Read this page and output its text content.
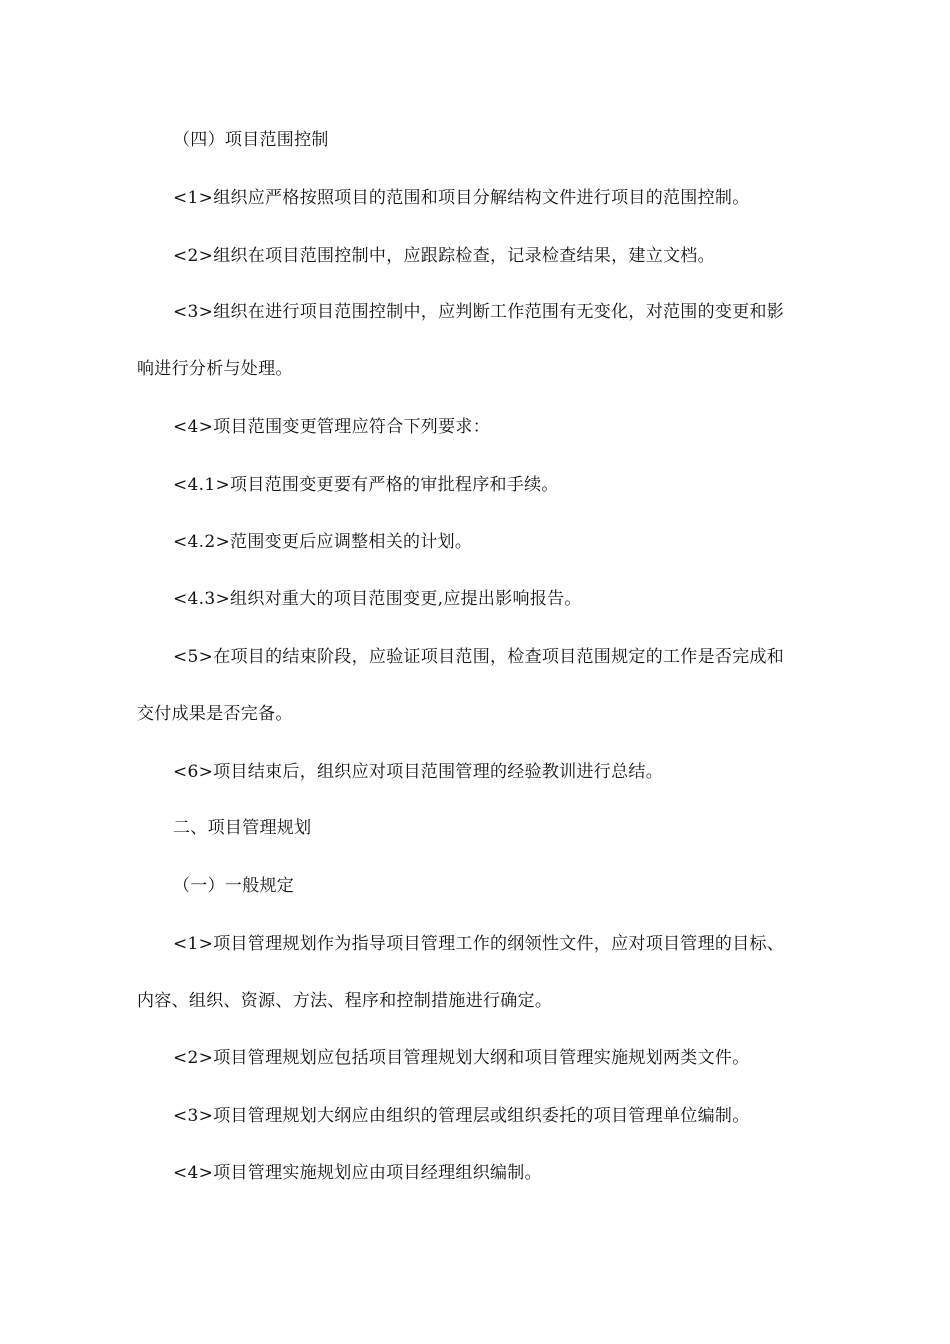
（四）项目范围控制
<1>组织应严格按照项目的范围和项目分解结构文件进行项目的范围控制。
<2>组织在项目范围控制中，应跟踪检查，记录检查结果，建立文档。
<3>组织在进行项目范围控制中，应判断工作范围有无变化，对范围的变更和影
响进行分析与处理。
<4>项目范围变更管理应符合下列要求：
<4.1>项目范围变更要有严格的审批程序和手续。
<4.2>范围变更后应调整相关的计划。
<4.3>组织对重大的项目范围变更,应提出影响报告。
<5>在项目的结束阶段，应验证项目范围，检查项目范围规定的工作是否完成和
交付成果是否完备。
<6>项目结束后，组织应对项目范围管理的经验教训进行总结。
二、项目管理规划
（一）一般规定
<1>项目管理规划作为指导项目管理工作的纲领性文件，应对项目管理的目标、
内容、组织、资源、方法、程序和控制措施进行确定。
<2>项目管理规划应包括项目管理规划大纲和项目管理实施规划两类文件。
<3>项目管理规划大纲应由组织的管理层或组织委托的项目管理单位编制。
<4>项目管理实施规划应由项目经理组织编制。
